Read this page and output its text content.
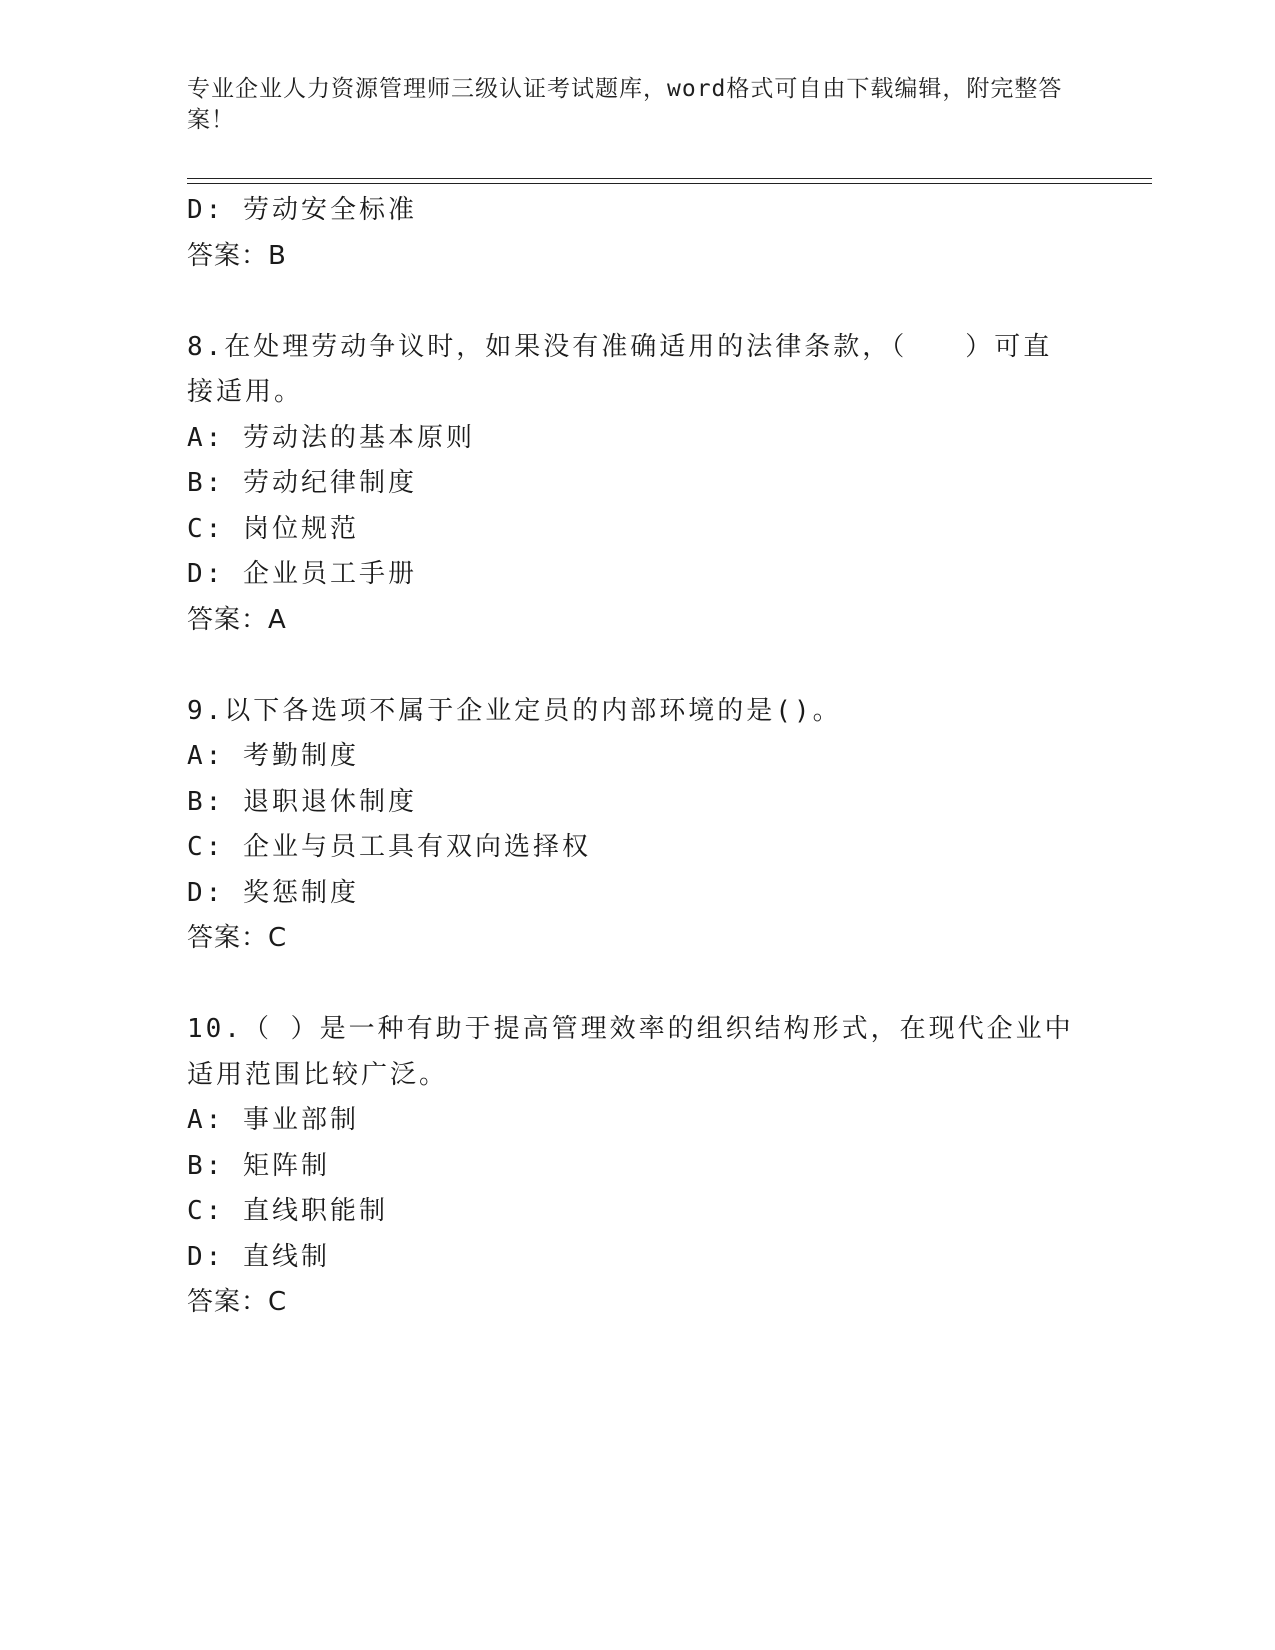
专业企业人力资源管理师三级认证考试题库，word格式可自由下载编辑，附完整答案！
D: 劳动安全标准
答案：B
8.在处理劳动争议时，如果没有准确适用的法律条款，（　　）可直
接适用。
A: 劳动法的基本原则
B: 劳动纪律制度
C: 岗位规范
D: 企业员工手册
答案：A
9.以下各选项不属于企业定员的内部环境的是()。
A: 考勤制度
B: 退职退休制度
C: 企业与员工具有双向选择权
D: 奖惩制度
答案：C
10.（ ）是一种有助于提高管理效率的组织结构形式，在现代企业中
适用范围比较广泛。
A: 事业部制
B: 矩阵制
C: 直线职能制
D: 直线制
答案：C
